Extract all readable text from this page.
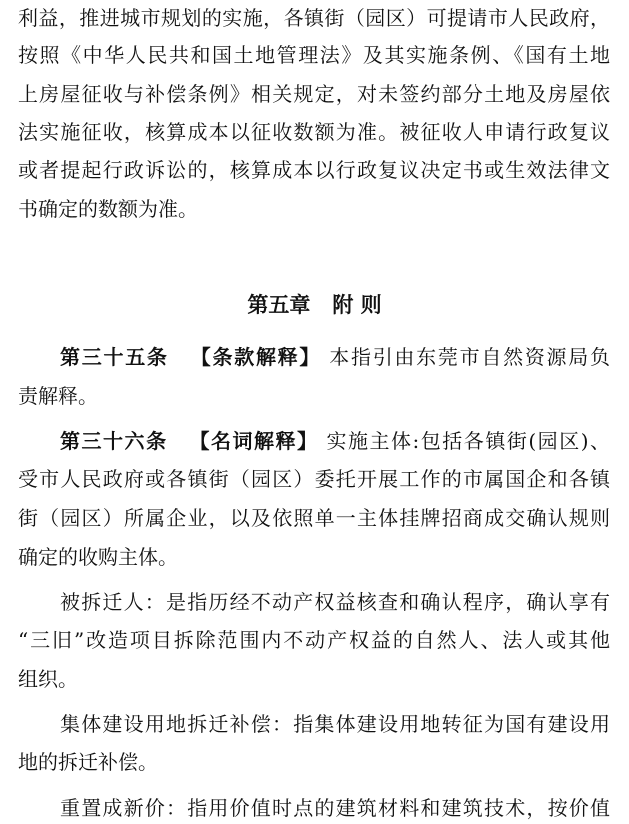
利益，推进城市规划的实施，各镇街（园区）可提请市人民政府，
按照《中华人民共和国土地管理法》及其实施条例、《国有土地
上房屋征收与补偿条例》相关规定，对未签约部分土地及房屋依
法实施征收，核算成本以征收数额为准。被征收人申请行政复议
或者提起行政诉讼的，核算成本以行政复议决定书或生效法律文
书确定的数额为准。
第五章 附 则
第三十五条 【条款解释】 本指引由东莞市自然资源局负
责解释。
第三十六条 【名词解释】 实施主体:包括各镇街(园区)、
受市人民政府或各镇街（园区）委托开展工作的市属国企和各镇
街（园区）所属企业，以及依照单一主体挂牌招商成交确认规则
确定的收购主体。
被拆迁人：是指历经不动产权益核查和确认程序，确认享有
“三旧”改造项目拆除范围内不动产权益的自然人、法人或其他
组织。
集体建设用地拆迁补偿：指集体建设用地转征为国有建设用
地的拆迁补偿。
重置成新价：指用价值时点的建筑材料和建筑技术，按价值
